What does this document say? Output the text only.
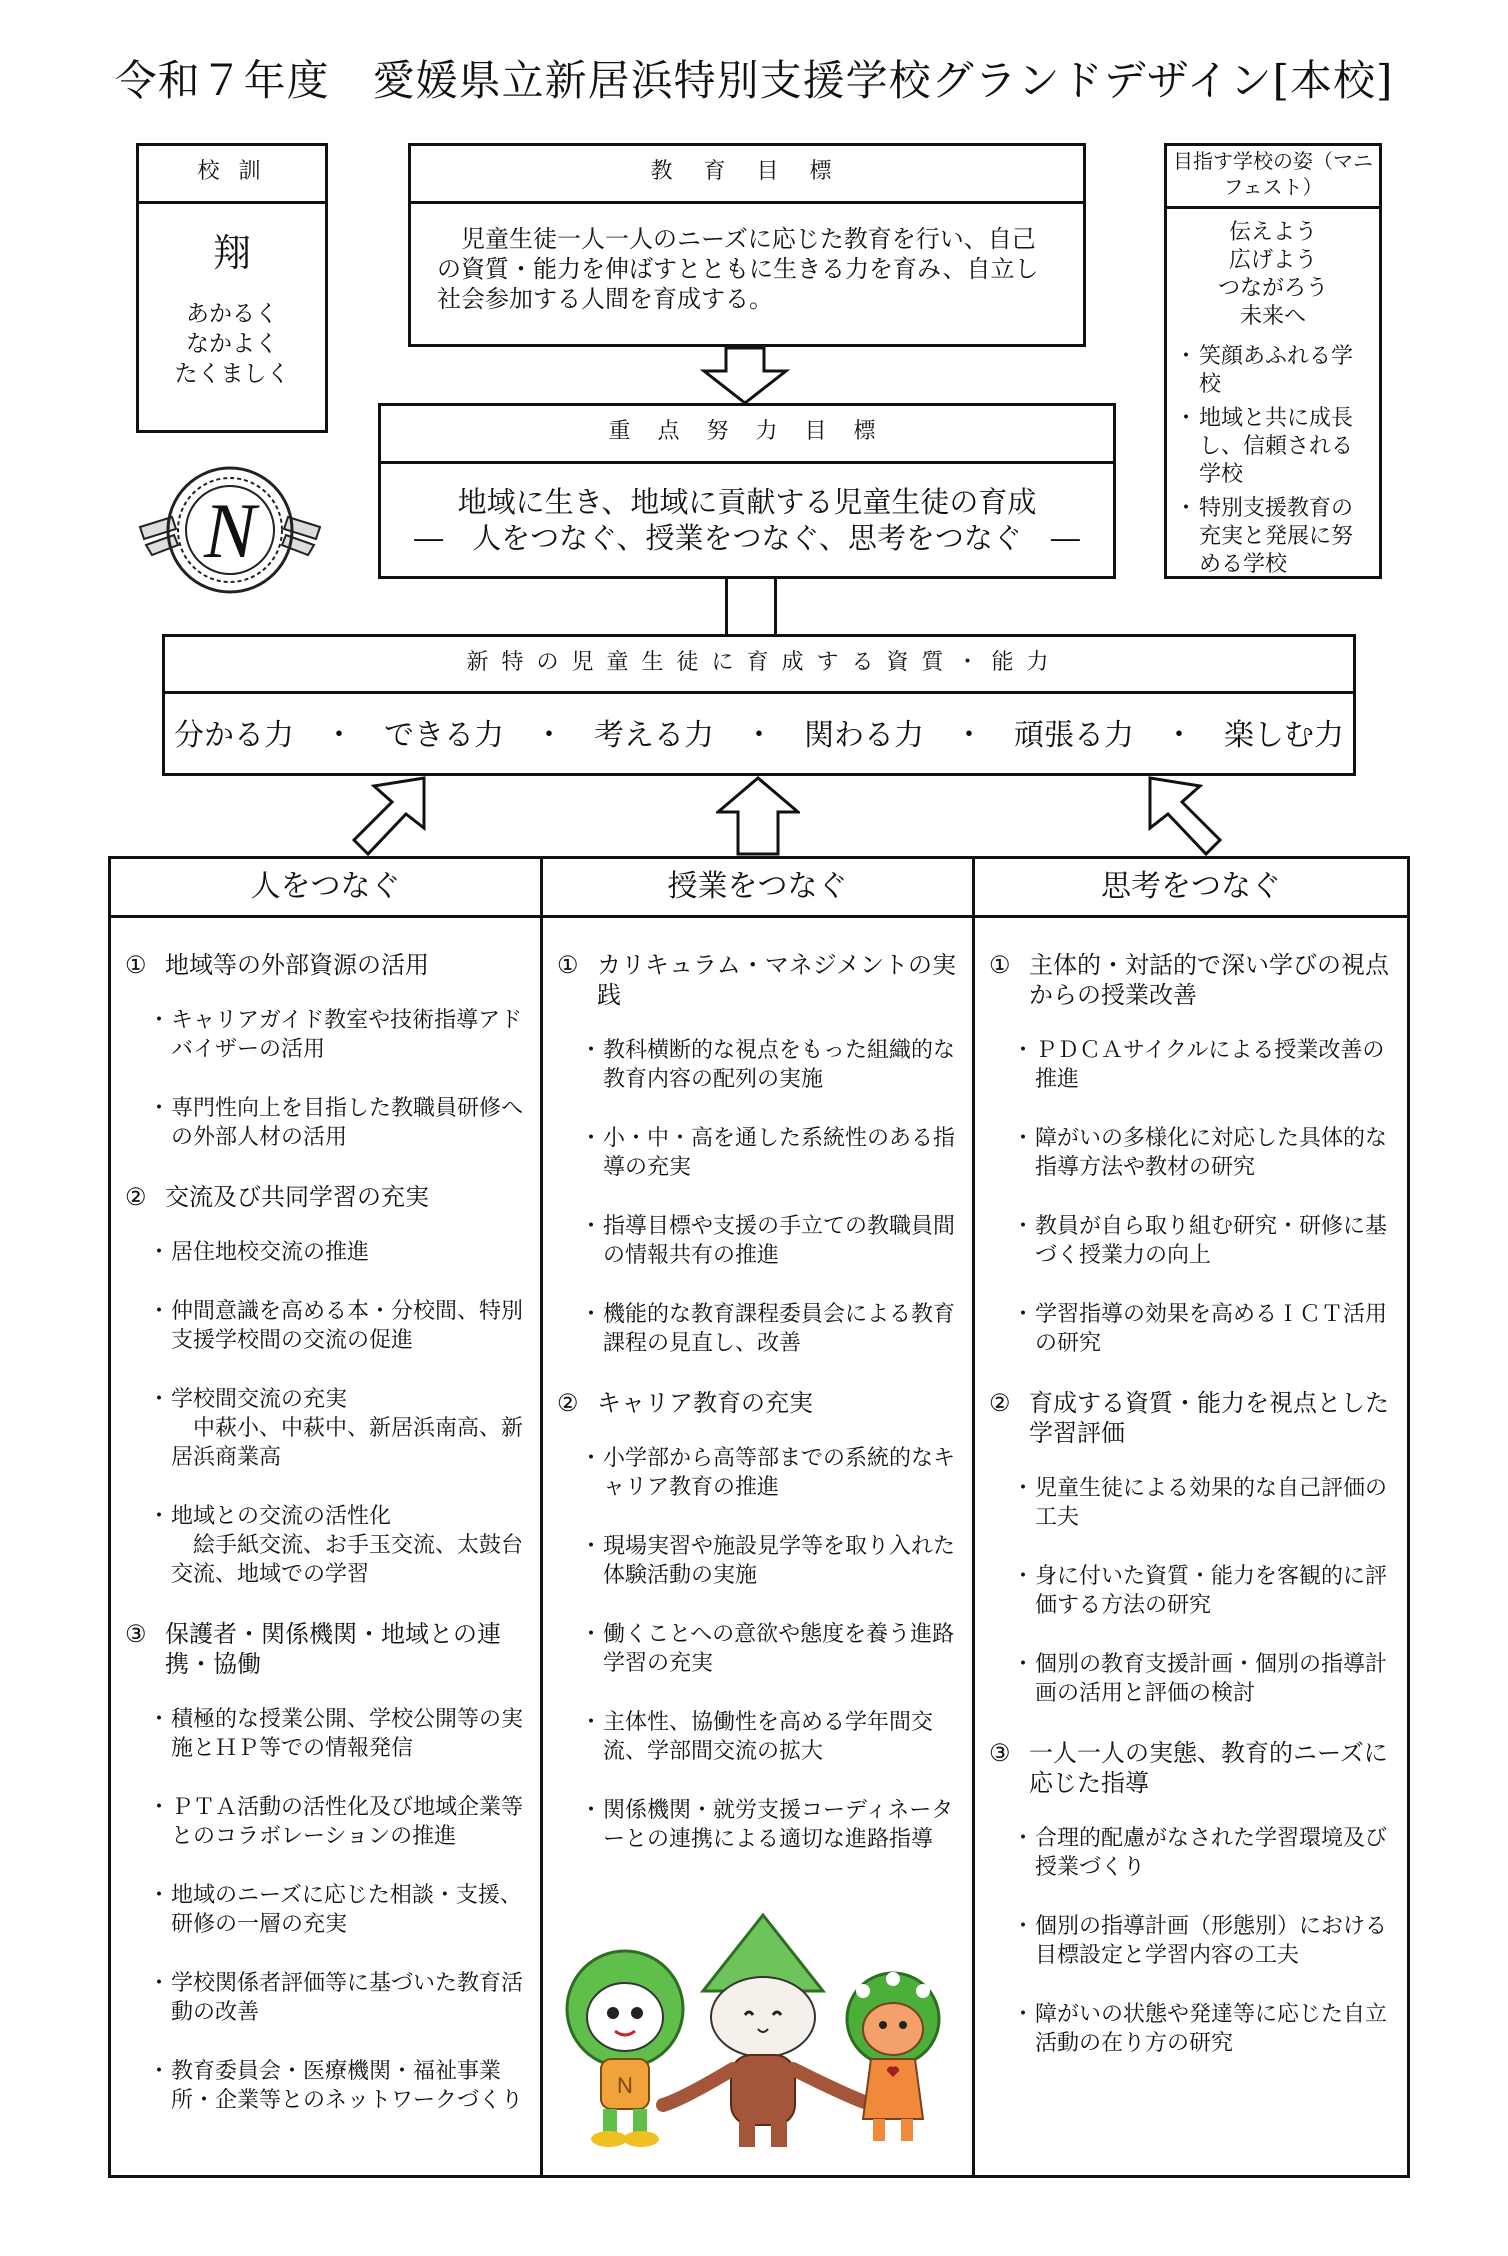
令和７年度　愛媛県立新居浜特別支援学校グランドデザイン[本校]
校 訓
翔
あかるく
なかよく
たくましく
N
教 育 目 標
　児童生徒一人一人のニーズに応じた教育を行い、自己の資質・能力を伸ばすとともに生きる力を育み、自立し社会参加する人間を育成する。
重 点 努 力 目 標
地域に生き、地域に貢献する児童生徒の育成
―　人をつなぐ、授業をつなぐ、思考をつなぐ　―
目指す学校の姿（マニフェスト）
伝えよう
広げよう
つながろう
未来へ
・ 笑顔あふれる学校
・ 地域と共に成長し、信頼される学校
・ 特別支援教育の充実と発展に努める学校
新 特 の 児 童 生 徒 に 育 成 す る 資 質 ・ 能 力
分かる力　・　できる力　・　考える力　・　関わる力　・　頑張る力　・　楽しむ力
人をつなぐ
① 地域等の外部資源の活用
・ キャリアガイド教室や技術指導アドバイザーの活用
・ 専門性向上を目指した教職員研修への外部人材の活用
② 交流及び共同学習の充実
・ 居住地校交流の推進
・ 仲間意識を高める本・分校間、特別支援学校間の交流の促進
・ 学校間交流の充実
　中萩小、中萩中、新居浜南高、新居浜商業高
・ 地域との交流の活性化
　絵手紙交流、お手玉交流、太鼓台交流、地域での学習
③ 保護者・関係機関・地域との連携・協働
・ 積極的な授業公開、学校公開等の実施とＨＰ等での情報発信
・ ＰＴＡ活動の活性化及び地域企業等とのコラボレーションの推進
・ 地域のニーズに応じた相談・支援、研修の一層の充実
・ 学校関係者評価等に基づいた教育活動の改善
・ 教育委員会・医療機関・福祉事業所・企業等とのネットワークづくり
授業をつなぐ
① カリキュラム・マネジメントの実践
・ 教科横断的な視点をもった組織的な教育内容の配列の実施
・ 小・中・高を通した系統性のある指導の充実
・ 指導目標や支援の手立ての教職員間の情報共有の推進
・ 機能的な教育課程委員会による教育課程の見直し、改善
② キャリア教育の充実
・ 小学部から高等部までの系統的なキャリア教育の推進
・ 現場実習や施設見学等を取り入れた体験活動の実施
・ 働くことへの意欲や態度を養う進路学習の充実
・ 主体性、協働性を高める学年間交流、学部間交流の拡大
・ 関係機関・就労支援コーディネーターとの連携による適切な進路指導
N
思考をつなぐ
① 主体的・対話的で深い学びの視点からの授業改善
・ ＰＤＣＡサイクルによる授業改善の推進
・ 障がいの多様化に対応した具体的な指導方法や教材の研究
・ 教員が自ら取り組む研究・研修に基づく授業力の向上
・ 学習指導の効果を高めるＩＣＴ活用の研究
② 育成する資質・能力を視点とした学習評価
・ 児童生徒による効果的な自己評価の工夫
・ 身に付いた資質・能力を客観的に評価する方法の研究
・ 個別の教育支援計画・個別の指導計画の活用と評価の検討
③ 一人一人の実態、教育的ニーズに応じた指導
・ 合理的配慮がなされた学習環境及び授業づくり
・ 個別の指導計画（形態別）における目標設定と学習内容の工夫
・ 障がいの状態や発達等に応じた自立活動の在り方の研究
